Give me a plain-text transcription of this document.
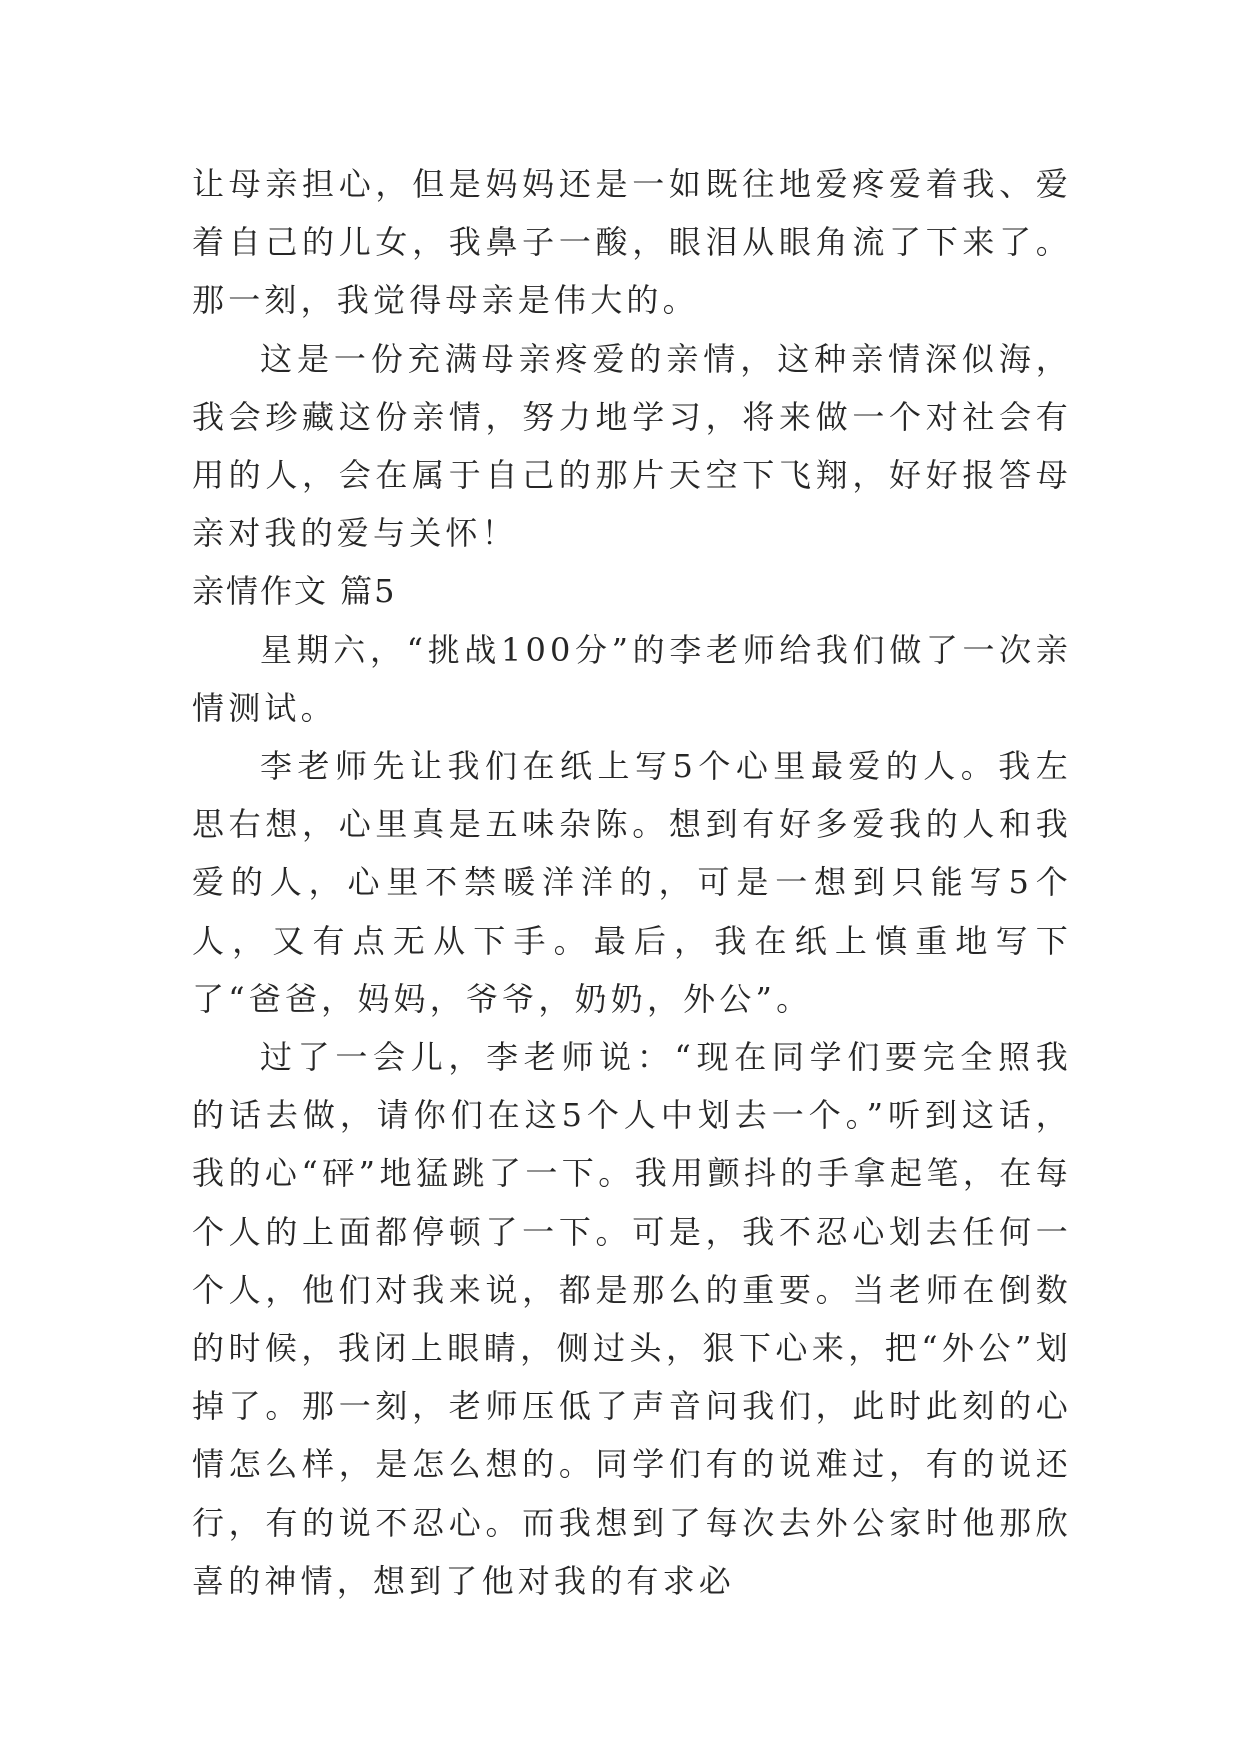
让母亲担心，但是妈妈还是一如既往地爱疼爱着我、爱着自己的儿女，我鼻子一酸，眼泪从眼角流了下来了。那一刻，我觉得母亲是伟大的。

这是一份充满母亲疼爱的亲情，这种亲情深似海，我会珍藏这份亲情，努力地学习，将来做一个对社会有用的人，会在属于自己的那片天空下飞翔，好好报答母亲对我的爱与关怀！

亲情作文 篇5

星期六，“挑战100分”的李老师给我们做了一次亲情测试。

李老师先让我们在纸上写5个心里最爱的人。我左思右想，心里真是五味杂陈。想到有好多爱我的人和我爱的人，心里不禁暖洋洋的，可是一想到只能写5个人，又有点无从下手。最后，我在纸上慎重地写下了“爸爸，妈妈，爷爷，奶奶，外公”。

过了一会儿，李老师说：“现在同学们要完全照我的话去做，请你们在这5个人中划去一个。”听到这话，我的心“砰”地猛跳了一下。我用颤抖的手拿起笔，在每个人的上面都停顿了一下。可是，我不忍心划去任何一个人，他们对我来说，都是那么的重要。当老师在倒数的时候，我闭上眼睛，侧过头，狠下心来，把“外公”划掉了。那一刻，老师压低了声音问我们，此时此刻的心情怎么样，是怎么想的。同学们有的说难过，有的说还行，有的说不忍心。而我想到了每次去外公家时他那欣喜的神情，想到了他对我的有求必
